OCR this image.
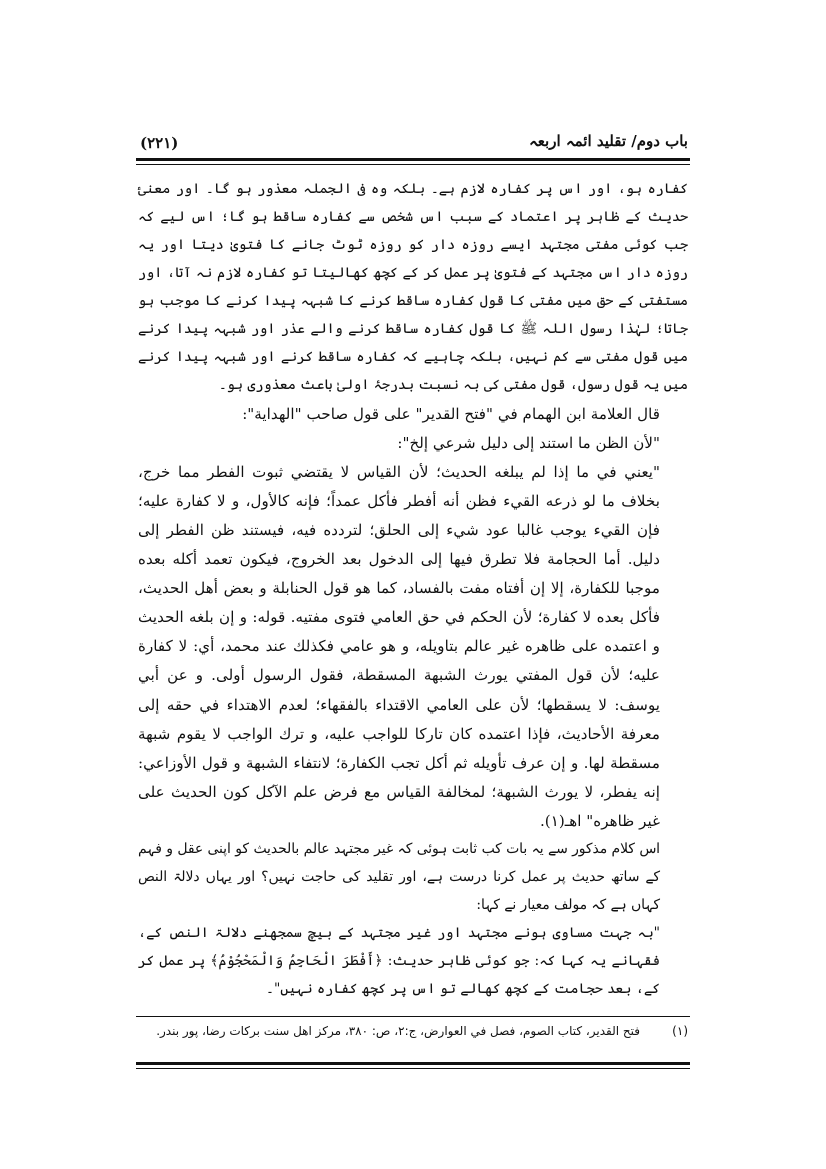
باب دوم/ تقلید ائمہ اربعہ
(۲۲۱)

کفارہ ہو، اور اس پر کفارہ لازم ہے۔ بلکہ وہ فی الجملہ معذور ہو گا۔ اور معنیٔ حدیث کے ظاہر پر اعتماد کے سبب اس شخص سے کفارہ ساقط ہو گا؛ اس لیے کہ جب کوئی مفتی مجتہد ایسے روزہ دار کو روزہ ٹوٹ جانے کا فتویٰ دیتا اور یہ روزہ دار اس مجتہد کے فتویٰ پر عمل کر کے کچھ کھالیتا تو کفارہ لازم نہ آتا، اور مستفتی کے حق میں مفتی کا قول کفارہ ساقط کرنے کا شبہہ پیدا کرنے کا موجب ہو جاتا؛ لہٰذا رسول اللہ ﷺ کا قول کفارہ ساقط کرنے والے عذر اور شبہہ پیدا کرنے میں قول مفتی سے کم نہیں، بلکہ چاہیے کہ کفارہ ساقط کرنے اور شبہہ پیدا کرنے میں یہ قول رسول، قول مفتی کی بہ نسبت بدرجۂ اولیٰ باعث معذوری ہو۔

قال العلامة ابن الهمام في "فتح القدير" على قول صاحب "الهداية":

"لأن الظن ما استند إلى دليل شرعي إلخ":

"يعني في ما إذا لم يبلغه الحديث؛ لأن القياس لا يقتضي ثبوت الفطر مما خرج، بخلاف ما لو ذرعه القيء فظن أنه أفطر فأكل عمداً؛ فإنه كالأول، و لا كفارة عليه؛ فإن القيء يوجب غالبا عود شيء إلى الحلق؛ لتردده فيه، فيستند ظن الفطر إلى دليل. أما الحجامة فلا تطرق فيها إلى الدخول بعد الخروج، فيكون تعمد أكله بعده موجبا للكفارة، إلا إن أفتاه مفت بالفساد، كما هو قول الحنابلة و بعض أهل الحديث، فأكل بعده لا كفارة؛ لأن الحكم في حق العامي فتوى مفتيه. قوله: و إن بلغه الحديث و اعتمده على ظاهره غير عالم بتاويله، و هو عامي فكذلك عند محمد، أي: لا كفارة عليه؛ لأن قول المفتي يورث الشبهة المسقطة، فقول الرسول أولى. و عن أبي يوسف: لا يسقطها؛ لأن على العامي الاقتداء بالفقهاء؛ لعدم الاهتداء في حقه إلى معرفة الأحاديث، فإذا اعتمده كان تاركا للواجب عليه، و ترك الواجب لا يقوم شبهة مسقطة لها. و إن عرف تأويله ثم أكل تجب الكفارة؛ لانتفاء الشبهة و قول الأوزاعي: إنه يفطر، لا يورث الشبهة؛ لمخالفة القياس مع فرض علم الآكل كون الحديث على غير ظاهره" اهـ(۱).

اس کلام مذکور سے یہ بات کب ثابت ہوئی کہ غیر مجتہد عالم بالحدیث کو اپنی عقل و فہم کے ساتھ حدیث پر عمل کرنا درست ہے، اور تقلید کی حاجت نہیں؟ اور یہاں دلالۃ النص کہاں ہے کہ مولف معیار نے کہا:

"بہ جہت مساوی ہونے مجتہد اور غیر مجتہد کے بیچ سمجھنے دلالۃ النص کے، فقہانے یہ کہا کہ: جو کوئی ظاہر حدیث: ﴿أَفْطَرَ الْحَاجِمُ وَالْمَحْجُوْمُ﴾ پر عمل کر کے، بعد حجامت کے کچھ کھالے تو اس پر کچھ کفارہ نہیں"۔

(۱)
فتح القدير، كتاب الصوم، فصل في العوارض، ج:۲، ص: ۳۸۰، مركز اهل سنت بركات رضا، پور بندر.
